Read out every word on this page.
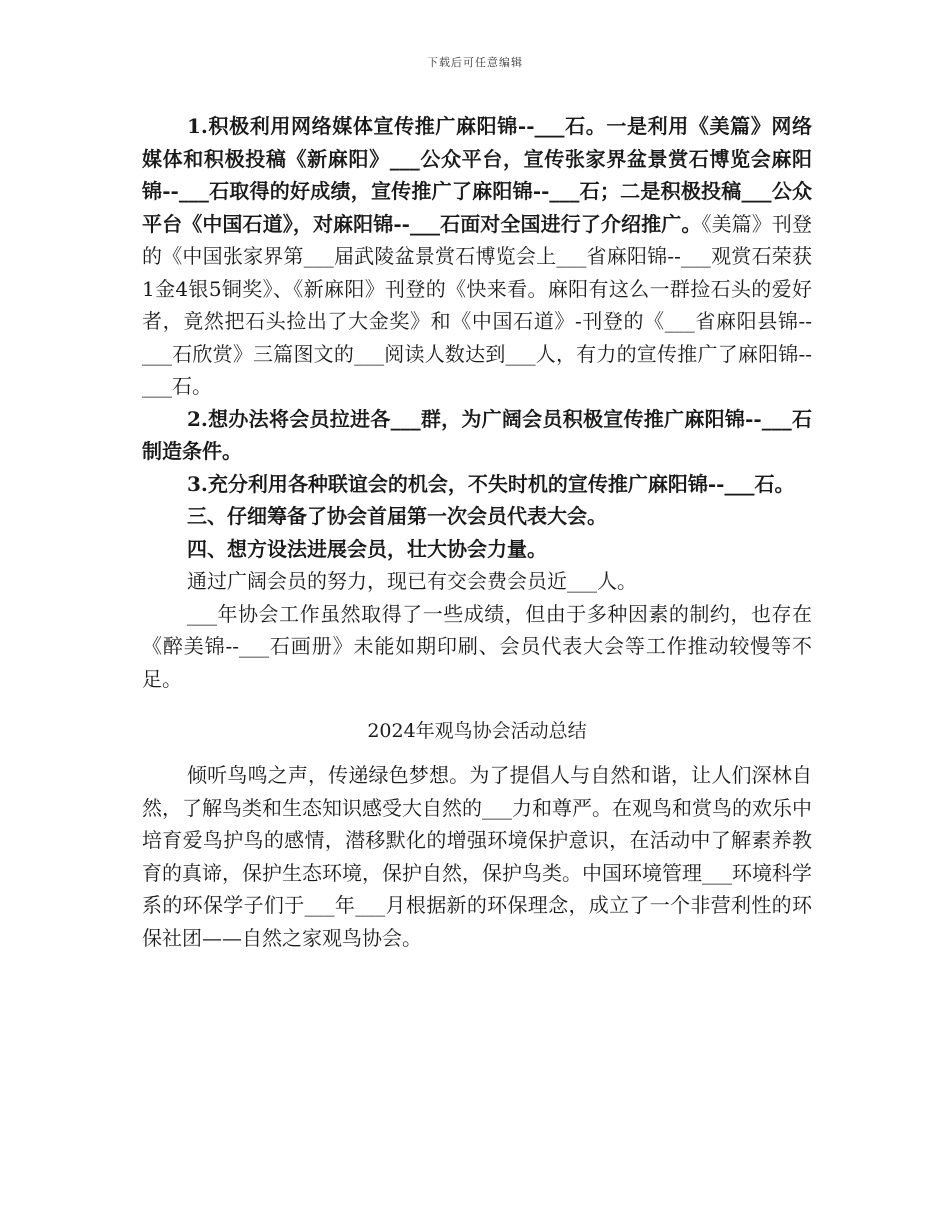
下载后可任意编辑

1.积极利用网络媒体宣传推广麻阳锦--___石。一是利用《美篇》网络媒体和积极投稿《新麻阳》___公众平台，宣传张家界盆景赏石博览会麻阳锦--___石取得的好成绩，宣传推广了麻阳锦--___石；二是积极投稿___公众平台《中国石道》，对麻阳锦--___石面对全国进行了介绍推广。《美篇》刊登的《中国张家界第___届武陵盆景赏石博览会上___省麻阳锦--___观赏石荣获1金4银5铜奖》、《新麻阳》刊登的《快来看。麻阳有这么一群捡石头的爱好者，竟然把石头捡出了大金奖》和《中国石道》-刊登的《___省麻阳县锦--___石欣赏》三篇图文的___阅读人数达到___人，有力的宣传推广了麻阳锦--___石。

2.想办法将会员拉进各___群，为广阔会员积极宣传推广麻阳锦--___石制造条件。

3.充分利用各种联谊会的机会，不失时机的宣传推广麻阳锦--___石。

三、仔细筹备了协会首届第一次会员代表大会。

四、想方设法进展会员，壮大协会力量。

通过广阔会员的努力，现已有交会费会员近___人。

___年协会工作虽然取得了一些成绩，但由于多种因素的制约，也存在《醉美锦--___石画册》未能如期印刷、会员代表大会等工作推动较慢等不足。

2024年观鸟协会活动总结

倾听鸟鸣之声，传递绿色梦想。为了提倡人与自然和谐，让人们深林自然，了解鸟类和生态知识感受大自然的___力和尊严。在观鸟和赏鸟的欢乐中培育爱鸟护鸟的感情，潜移默化的增强环境保护意识，在活动中了解素养教育的真谛，保护生态环境，保护自然，保护鸟类。中国环境管理___环境科学系的环保学子们于___年___月根据新的环保理念，成立了一个非营利性的环保社团——自然之家观鸟协会。
